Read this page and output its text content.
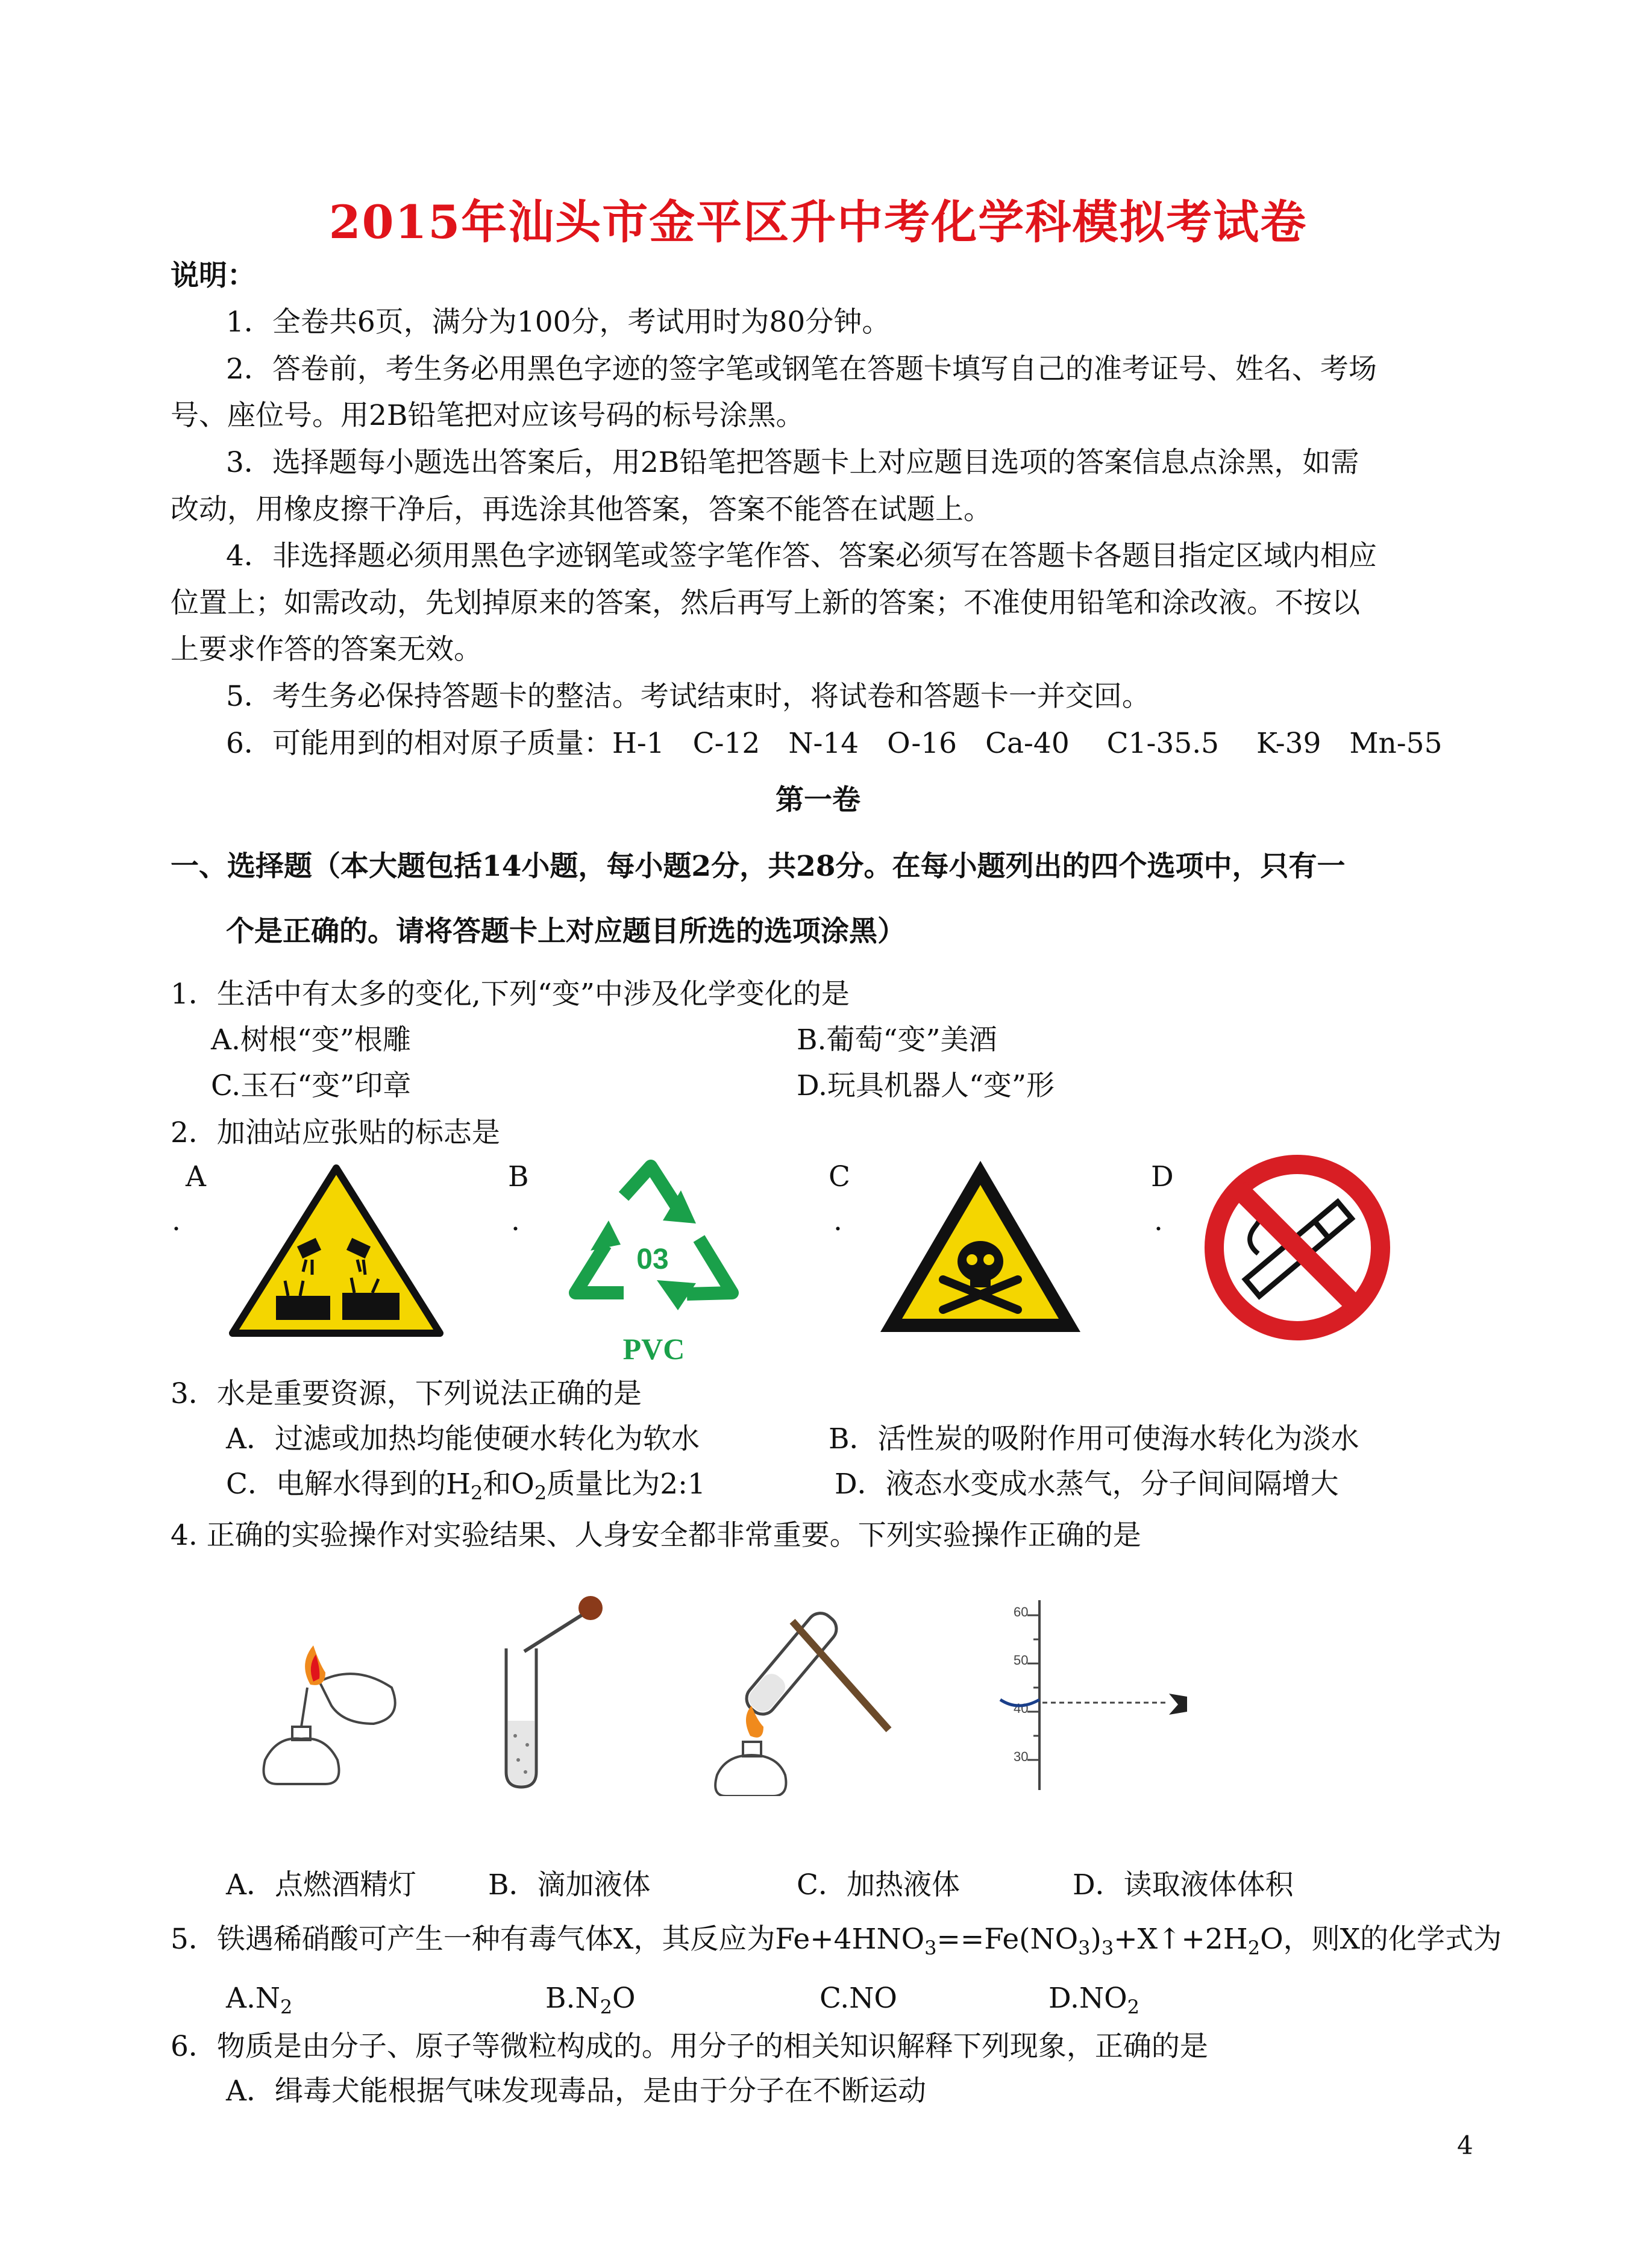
2015年汕头市金平区升中考化学科模拟考试卷
说明：
1．全卷共6页，满分为100分，考试用时为80分钟。
2．答卷前，考生务必用黑色字迹的签字笔或钢笔在答题卡填写自己的准考证号、姓名、考场
号、座位号。用2B铅笔把对应该号码的标号涂黑。
3．选择题每小题选出答案后，用2B铅笔把答题卡上对应题目选项的答案信息点涂黑，如需
改动，用橡皮擦干净后，再选涂其他答案，答案不能答在试题上。
4．非选择题必须用黑色字迹钢笔或签字笔作答、答案必须写在答题卡各题目指定区域内相应
位置上；如需改动，先划掉原来的答案，然后再写上新的答案；不准使用铅笔和涂改液。不按以
上要求作答的答案无效。
5．考生务必保持答题卡的整洁。考试结束时，将试卷和答题卡一并交回。
6．可能用到的相对原子质量：H-1　C-12　N-14　O-16　Ca-40　 C1-35.5　 K-39　Mn-55
第一卷
一、选择题（本大题包括14小题，每小题2分，共28分。在每小题列出的四个选项中，只有一
个是正确的。请将答题卡上对应题目所选的选项涂黑）
1．生活中有太多的变化,下列“变”中涉及化学变化的是
A.树根“变”根雕	B.葡萄“变”美酒
C.玉石“变”印章	D.玩具机器人“变”形
2．加油站应张贴的标志是
A
.
B
.
C
.
D
.
03
PVC
3．水是重要资源，下列说法正确的是
A．过滤或加热均能使硬水转化为软水	B．活性炭的吸附作用可使海水转化为淡水
C．电解水得到的$H_2$和$O_2$质量比为2:1	D．液态水变成水蒸气，分子间间隔增大
4. 正确的实验操作对实验结果、人身安全都非常重要。下列实验操作正确的是
60
50
40
30
A．点燃酒精灯	B．滴加液体	C．加热液体	D．读取液体体积
5．铁遇稀硝酸可产生一种有毒气体X，其反应为$Fe+4HNO_3==Fe(NO_3)_3+X↑+2H_2O$，则X的化学式为
$A.N_2$	$B.N_2O$	C.NO	$D.NO_2$
6．物质是由分子、原子等微粒构成的。用分子的相关知识解释下列现象，正确的是
A．缉毒犬能根据气味发现毒品，是由于分子在不断运动
4
